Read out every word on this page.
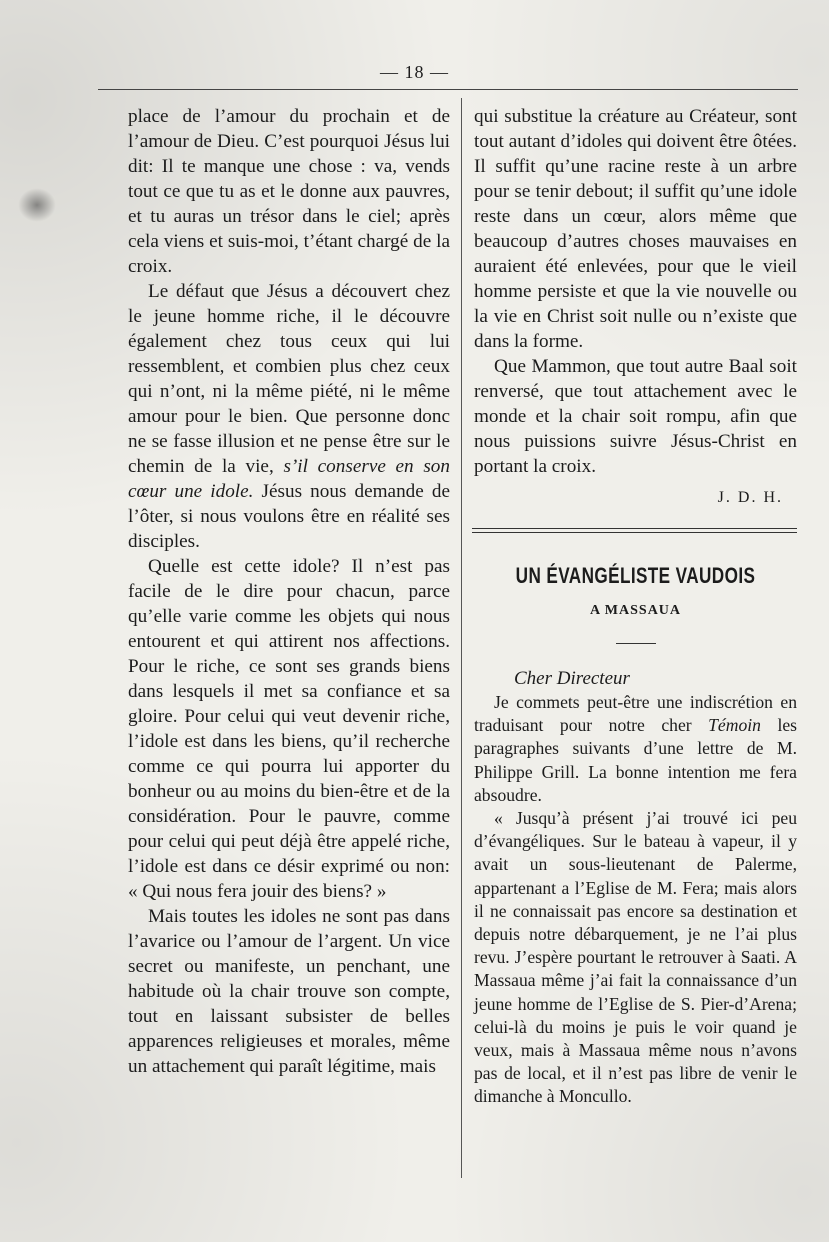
— 18 —

place de l’amour du prochain et de l’amour de Dieu. C’est pourquoi Jésus lui dit: Il te manque une chose : va, vends tout ce que tu as et le donne aux pauvres, et tu auras un trésor dans le ciel; après cela viens et suis-moi, t’étant chargé de la croix.

Le défaut que Jésus a découvert chez le jeune homme riche, il le découvre également chez tous ceux qui lui ressemblent, et combien plus chez ceux qui n’ont, ni la même piété, ni le même amour pour le bien. Que personne donc ne se fasse illusion et ne pense être sur le chemin de la vie, s’il conserve en son cœur une idole. Jésus nous demande de l’ôter, si nous voulons être en réalité ses disciples.

Quelle est cette idole? Il n’est pas facile de le dire pour chacun, parce qu’elle varie comme les objets qui nous entourent et qui attirent nos affections. Pour le riche, ce sont ses grands biens dans lesquels il met sa confiance et sa gloire. Pour celui qui veut devenir riche, l’idole est dans les biens, qu’il recherche comme ce qui pourra lui apporter du bonheur ou au moins du bien-être et de la considération. Pour le pauvre, comme pour celui qui peut déjà être appelé riche, l’idole est dans ce désir exprimé ou non: « Qui nous fera jouir des biens? »

Mais toutes les idoles ne sont pas dans l’avarice ou l’amour de l’argent. Un vice secret ou manifeste, un penchant, une habitude où la chair trouve son compte, tout en laissant subsister de belles apparences religieuses et morales, même un attachement qui paraît légitime, mais

qui substitue la créature au Créateur, sont tout autant d’idoles qui doivent être ôtées. Il suffit qu’une racine reste à un arbre pour se tenir debout; il suffit qu’une idole reste dans un cœur, alors même que beaucoup d’autres choses mauvaises en auraient été enlevées, pour que le vieil homme persiste et que la vie nouvelle ou la vie en Christ soit nulle ou n’existe que dans la forme.

Que Mammon, que tout autre Baal soit renversé, que tout attachement avec le monde et la chair soit rompu, afin que nous puissions suivre Jésus-Christ en portant la croix.

J. D. H.
UN ÉVANGÉLISTE VAUDOIS
A MASSAUA
Cher Directeur

Je commets peut-être une indiscrétion en traduisant pour notre cher Témoin les paragraphes suivants d’une lettre de M. Philippe Grill. La bonne intention me fera absoudre.

« Jusqu’à présent j’ai trouvé ici peu d’évangéliques. Sur le bateau à vapeur, il y avait un sous-lieutenant de Palerme, appartenant a l’Eglise de M. Fera; mais alors il ne connaissait pas encore sa destination et depuis notre débarquement, je ne l’ai plus revu. J’espère pourtant le retrouver à Saati. A Massaua même j’ai fait la connaissance d’un jeune homme de l’Eglise de S. Pier-d’Arena; celui-là du moins je puis le voir quand je veux, mais à Massaua même nous n’avons pas de local, et il n’est pas libre de venir le dimanche à Moncullo.
